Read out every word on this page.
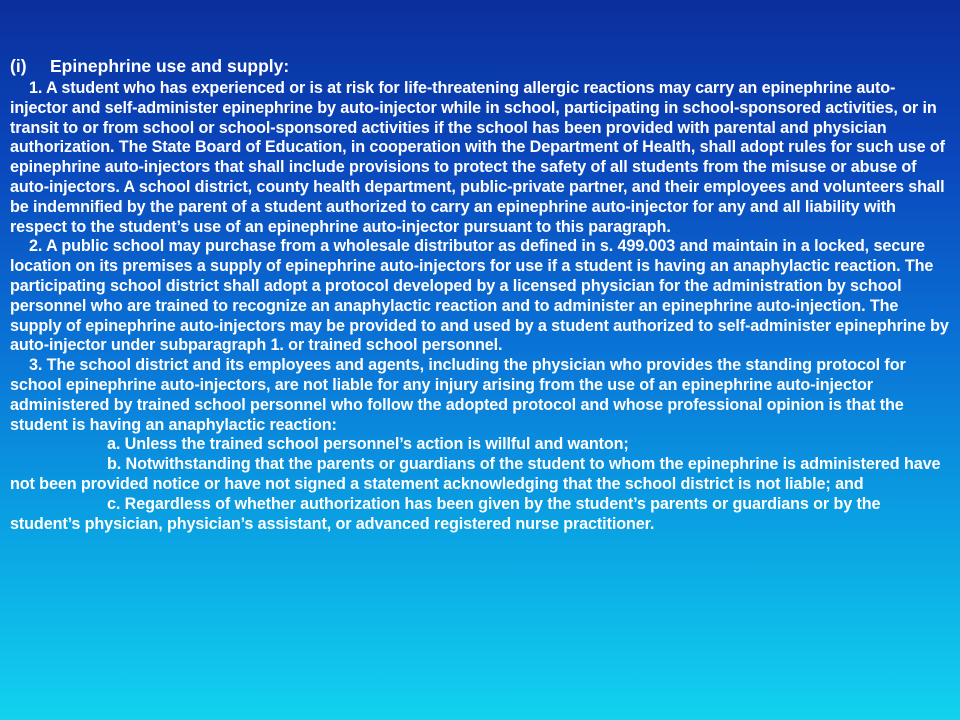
(i)	Epinephrine use and supply:

1. A student who has experienced or is at risk for life-threatening allergic reactions may carry an epinephrine auto-injector and self-administer epinephrine by auto-injector while in school, participating in school-sponsored activities, or in transit to or from school or school-sponsored activities if the school has been provided with parental and physician authorization. The State Board of Education, in cooperation with the Department of Health, shall adopt rules for such use of epinephrine auto-injectors that shall include provisions to protect the safety of all students from the misuse or abuse of auto-injectors. A school district, county health department, public-private partner, and their employees and volunteers shall be indemnified by the parent of a student authorized to carry an epinephrine auto-injector for any and all liability with respect to the student’s use of an epinephrine auto-injector pursuant to this paragraph.

2. A public school may purchase from a wholesale distributor as defined in s. 499.003 and maintain in a locked, secure location on its premises a supply of epinephrine auto-injectors for use if a student is having an anaphylactic reaction. The participating school district shall adopt a protocol developed by a licensed physician for the administration by school personnel who are trained to recognize an anaphylactic reaction and to administer an epinephrine auto-injection. The supply of epinephrine auto-injectors may be provided to and used by a student authorized to self-administer epinephrine by auto-injector under subparagraph 1. or trained school personnel.

3. The school district and its employees and agents, including the physician who provides the standing protocol for school epinephrine auto-injectors, are not liable for any injury arising from the use of an epinephrine auto-injector administered by trained school personnel who follow the adopted protocol and whose professional opinion is that the student is having an anaphylactic reaction:

a. Unless the trained school personnel’s action is willful and wanton;

b. Notwithstanding that the parents or guardians of the student to whom the epinephrine is administered have not been provided notice or have not signed a statement acknowledging that the school district is not liable; and

c. Regardless of whether authorization has been given by the student’s parents or guardians or by the student’s physician, physician’s assistant, or advanced registered nurse practitioner.
